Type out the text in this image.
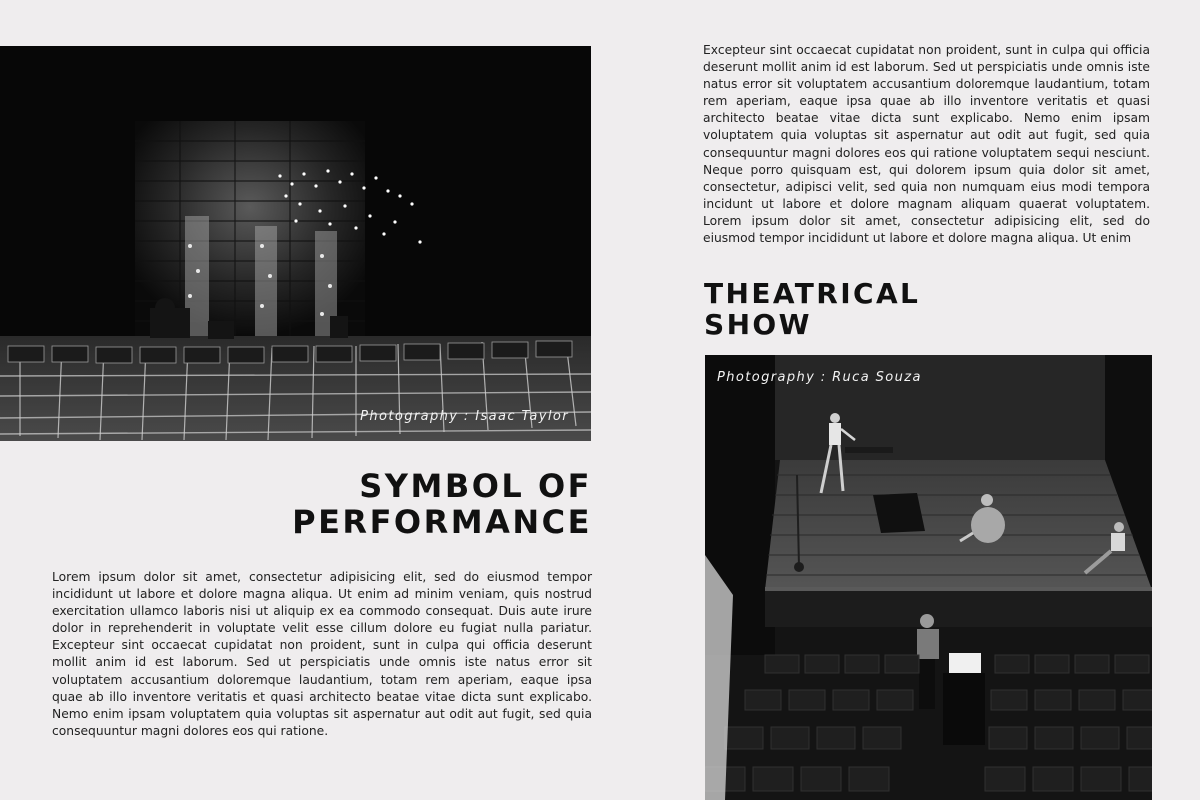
Photography : Isaac Taylor
SYMBOL OF
PERFORMANCE

Lorem ipsum dolor sit amet, consectetur adipisicing elit, sed do eiusmod tempor incididunt ut labore et dolore magna aliqua. Ut enim ad minim veniam, quis nostrud exercitation ullamco laboris nisi ut aliquip ex ea commodo consequat. Duis aute irure dolor in reprehenderit in voluptate velit esse cillum dolore eu fugiat nulla pariatur. Excepteur sint occaecat cupidatat non proident, sunt in culpa qui officia deserunt mollit anim id est laborum. Sed ut perspiciatis unde omnis iste natus error sit voluptatem accusantium doloremque laudantium, totam rem aperiam, eaque ipsa quae ab illo inventore veritatis et quasi architecto beatae vitae dicta sunt explicabo. Nemo enim ipsam voluptatem quia voluptas sit aspernatur aut odit aut fugit, sed quia consequuntur magni dolores eos qui ratione.

Excepteur sint occaecat cupidatat non proident, sunt in culpa qui officia deserunt mollit anim id est laborum. Sed ut perspiciatis unde omnis iste natus error sit voluptatem accusantium doloremque laudantium, totam rem aperiam, eaque ipsa quae ab illo inventore veritatis et quasi architecto beatae vitae dicta sunt explicabo. Nemo enim ipsam voluptatem quia voluptas sit aspernatur aut odit aut fugit, sed quia consequuntur magni dolores eos qui ratione voluptatem sequi nesciunt. Neque porro quisquam est, qui dolorem ipsum quia dolor sit amet, consectetur, adipisci velit, sed quia non numquam eius modi tempora incidunt ut labore et dolore magnam aliquam quaerat voluptatem. Lorem ipsum dolor sit amet, consectetur adipisicing elit, sed do eiusmod tempor incididunt ut labore et dolore magna aliqua. Ut enim

THEATRICAL
SHOW
Photography : Ruca Souza
